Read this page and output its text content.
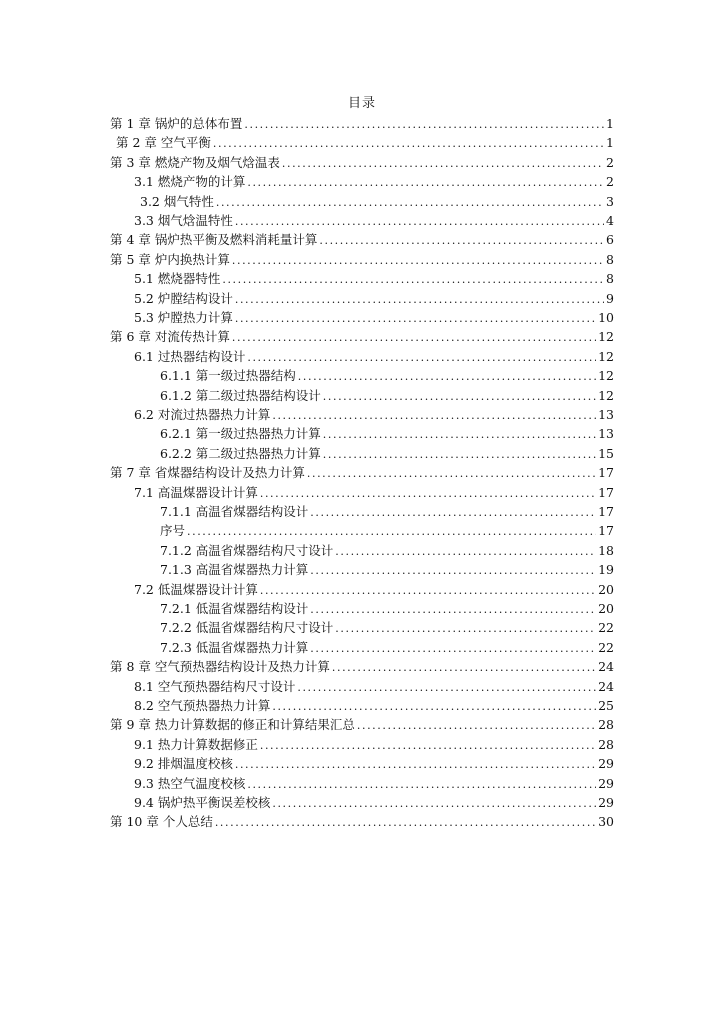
目录
第 1 章 锅炉的总体布置 .....	1
第 2 章 空气平衡 .....	1
第 3 章 燃烧产物及烟气焓温表 .....	2
3.1 燃烧产物的计算 .....	2
3.2 烟气特性 .....	3
3.3 烟气焓温特性 .....	4
第 4 章 锅炉热平衡及燃料消耗量计算 .....	6
第 5 章 炉内换热计算 .....	8
5.1 燃烧器特性 .....	8
5.2 炉膛结构设计 .....	9
5.3 炉膛热力计算 .....	10
第 6 章 对流传热计算 .....	12
6.1 过热器结构设计 .....	12
6.1.1 第一级过热器结构 .....	12
6.1.2 第二级过热器结构设计 .....	12
6.2 对流过热器热力计算 .....	13
6.2.1 第一级过热器热力计算 .....	13
6.2.2 第二级过热器热力计算 .....	15
第 7 章 省煤器结构设计及热力计算 .....	17
7.1 高温煤器设计计算 .....	17
7.1.1 高温省煤器结构设计 .....	17
序号 .....	17
7.1.2 高温省煤器结构尺寸设计 .....	18
7.1.3 高温省煤器热力计算 .....	19
7.2 低温煤器设计计算 .....	20
7.2.1 低温省煤器结构设计 .....	20
7.2.2 低温省煤器结构尺寸设计 .....	22
7.2.3 低温省煤器热力计算 .....	22
第 8 章 空气预热器结构设计及热力计算 .....	24
8.1 空气预热器结构尺寸设计 .....	24
8.2 空气预热器热力计算 .....	25
第 9 章 热力计算数据的修正和计算结果汇总 .....	28
9.1 热力计算数据修正 .....	28
9.2 排烟温度校核 .....	29
9.3 热空气温度校核 .....	29
9.4 锅炉热平衡误差校核 .....	29
第 10 章 个人总结 .....	30
